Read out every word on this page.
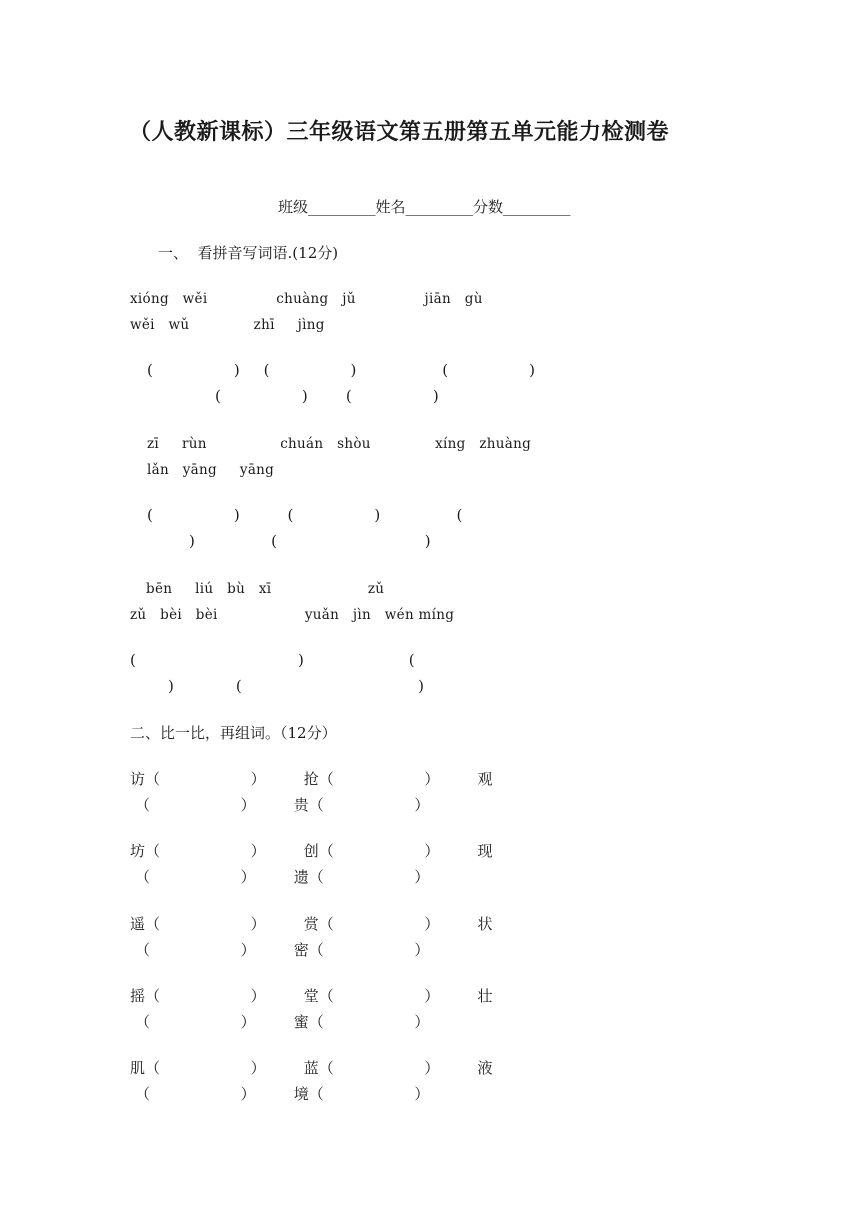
（人教新课标）三年级语文第五册第五单元能力检测卷
班级_________姓名_________分数_________
一、  看拼音写词语.(12分)
xióng   wěi               chuàng   jǔ               jiān   gù
wěi   wǔ              zhī     jìng
(                 )     (                 )                  (                 )
(                 )        (                 )
zī     rùn                chuán   shòu              xíng   zhuàng
lǎn   yāng     yāng
(                 )          (                 )                (
)                (                               )
bēn     liú   bù   xī                     zǔ
zǔ   bèi   bèi                   yuǎn   jìn   wén míng
(                                  )                      (
)             (                                     )
二、比一比，再组词。（12分）
访（                   ）        抢（                   ）        观
（                   ）        贵（                   ）
坊（                   ）        创（                   ）        现
（                   ）        遗（                   ）
遥（                   ）        赏（                   ）        状
（                   ）        密（                   ）
摇（                   ）        堂（                   ）        壮
（                   ）        蜜（                   ）
肌（                   ）        蓝（                   ）        液
（                   ）        境（                   ）
